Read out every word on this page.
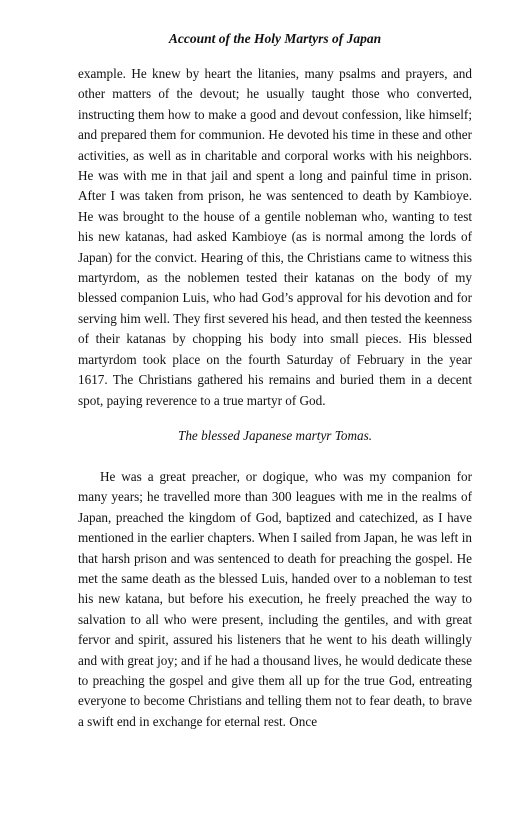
Account of the Holy Martyrs of Japan

example. He knew by heart the litanies, many psalms and prayers, and other matters of the devout; he usually taught those who converted, instructing them how to make a good and devout confession, like himself; and prepared them for communion. He devoted his time in these and other activities, as well as in charitable and corporal works with his neighbors. He was with me in that jail and spent a long and painful time in prison. After I was taken from prison, he was sentenced to death by Kambioye. He was brought to the house of a gentile nobleman who, wanting to test his new katanas, had asked Kambioye (as is normal among the lords of Japan) for the convict. Hearing of this, the Christians came to witness this martyrdom, as the noblemen tested their katanas on the body of my blessed companion Luis, who had God’s approval for his devotion and for serving him well. They first severed his head, and then tested the keenness of their katanas by chopping his body into small pieces. His blessed martyrdom took place on the fourth Saturday of February in the year 1617. The Christians gathered his remains and buried them in a decent spot, paying reverence to a true martyr of God.

The blessed Japanese martyr Tomas.

He was a great preacher, or dogique, who was my companion for many years; he travelled more than 300 leagues with me in the realms of Japan, preached the kingdom of God, baptized and catechized, as I have mentioned in the earlier chapters. When I sailed from Japan, he was left in that harsh prison and was sentenced to death for preaching the gospel. He met the same death as the blessed Luis, handed over to a nobleman to test his new katana, but before his execution, he freely preached the way to salvation to all who were present, including the gentiles, and with great fervor and spirit, assured his listeners that he went to his death willingly and with great joy; and if he had a thousand lives, he would dedicate these to preaching the gospel and give them all up for the true God, entreating everyone to become Christians and telling them not to fear death, to brave a swift end in exchange for eternal rest. Once
